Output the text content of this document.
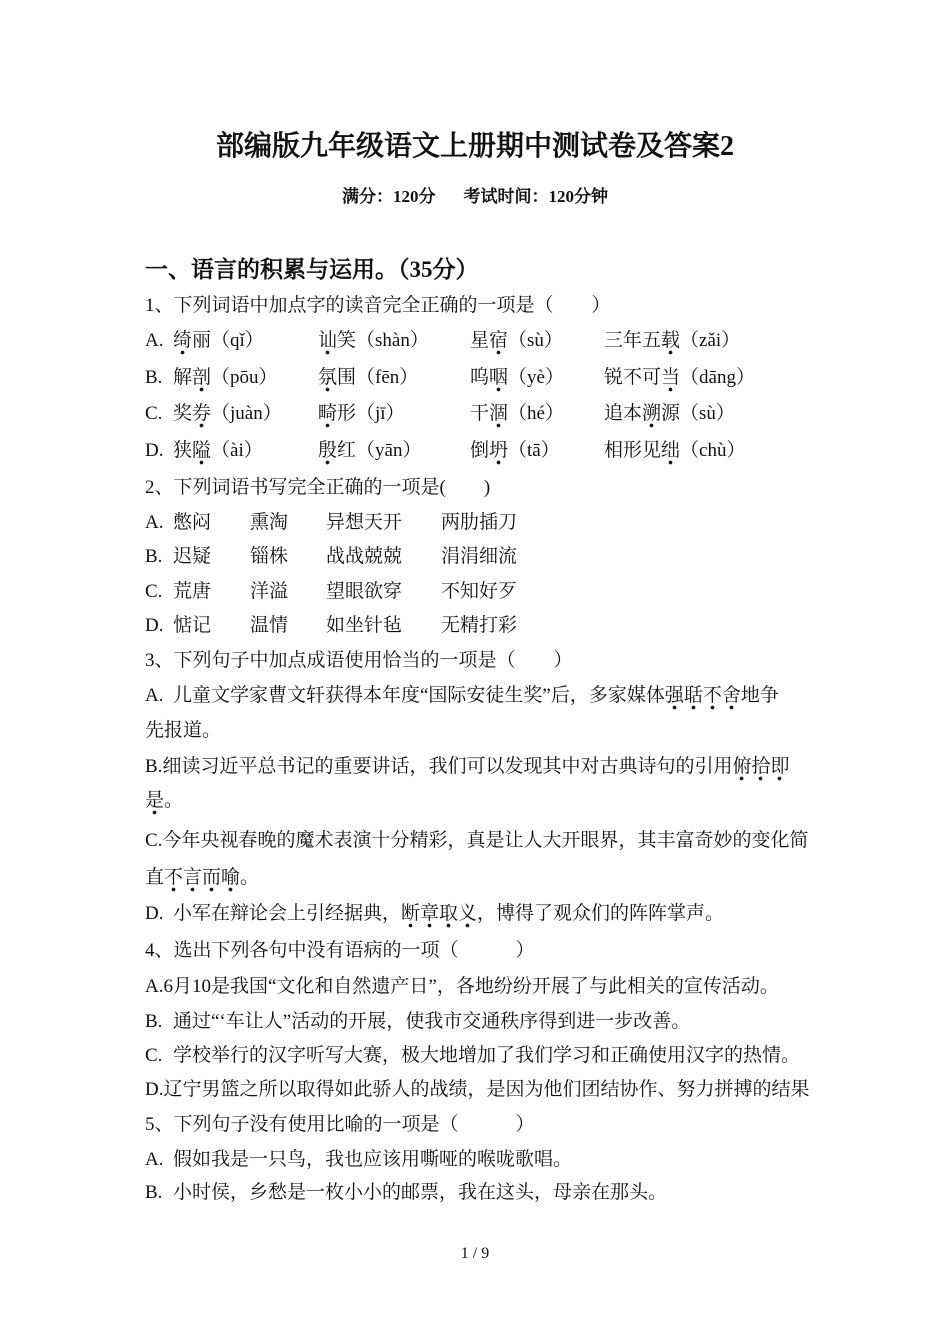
部编版九年级语文上册期中测试卷及答案2
满分：120分 考试时间：120分钟
一、语言的积累与运用。（35分）
1、下列词语中加点字的读音完全正确的一项是（　　）
A. 绮丽（qǐ）	讪笑（shàn） 星宿（sù） 三年五载（zǎi）
B. 解剖（pōu） 氛围（fēn）	呜咽（yè） 锐不可当（dāng）
C. 奖券（juàn） 畸形（jī）	干涸（hé） 追本溯源（sù）
D. 狭隘（ài）	殷红（yān）	倒坍（tā） 相形见绌（chù）
2、下列词语书写完全正确的一项是(　　)
A. 憋闷 熏淘 异想天开 两肋插刀
B. 迟疑 锱株 战战兢兢 涓涓细流
C. 荒唐 洋溢 望眼欲穿 不知好歹
D. 惦记 温情 如坐针毡 无精打彩
3、下列句子中加点成语使用恰当的一项是（　　）
A. 儿童文学家曹文轩获得本年度“国际安徒生奖”后，多家媒体强聒不舍地争
先报道。
B.细读习近平总书记的重要讲话，我们可以发现其中对古典诗句的引用俯拾即
是。
C.今年央视春晚的魔术表演十分精彩，真是让人大开眼界，其丰富奇妙的变化简
直不言而喻。
D. 小军在辩论会上引经据典，断章取义，博得了观众们的阵阵掌声。
4、选出下列各句中没有语病的一项（　　　）
A.6月10是我国“文化和自然遗产日”，各地纷纷开展了与此相关的宣传活动。
B. 通过“‘车让人”活动的开展，使我市交通秩序得到进一步改善。
C. 学校举行的汉字听写大赛，极大地增加了我们学习和正确使用汉字的热情。
D.辽宁男篮之所以取得如此骄人的战绩，是因为他们团结协作、努力拼搏的结果
5、下列句子没有使用比喻的一项是（　　　）
A. 假如我是一只鸟，我也应该用嘶哑的喉咙歌唱。
B. 小时侯，乡愁是一枚小小的邮票，我在这头，母亲在那头。
1 / 9
